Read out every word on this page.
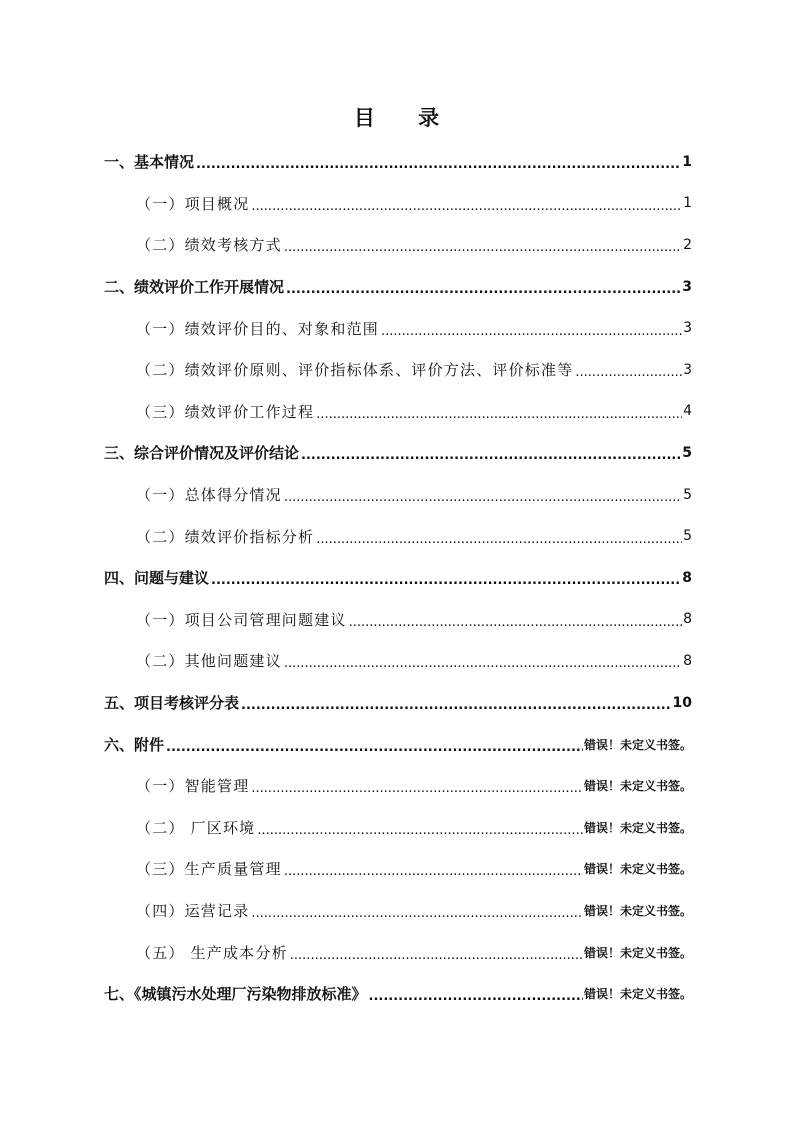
目 录
一、基本情况 .....	1
（一）项目概况 .....	1
（二）绩效考核方式 .....	2
二、绩效评价工作开展情况 .....	3
（一）绩效评价目的、对象和范围 .....	3
（二）绩效评价原则、评价指标体系、评价方法、评价标准等 .....	3
（三）绩效评价工作过程 .....	4
三、综合评价情况及评价结论 .....	5
（一）总体得分情况 .....	5
（二）绩效评价指标分析 .....	5
四、问题与建议 .....	8
（一）项目公司管理问题建议 .....	8
（二）其他问题建议 .....	8
五、项目考核评分表 .....	10
六、附件 .....	错误！未定义书签。
（一）智能管理 .....	错误！未定义书签。
（二） 厂区环境 .....	错误！未定义书签。
（三）生产质量管理 .....	错误！未定义书签。
（四）运营记录 .....	错误！未定义书签。
（五） 生产成本分析 .....	错误！未定义书签。
七、《城镇污水处理厂污染物排放标准》 .....	错误！未定义书签。
